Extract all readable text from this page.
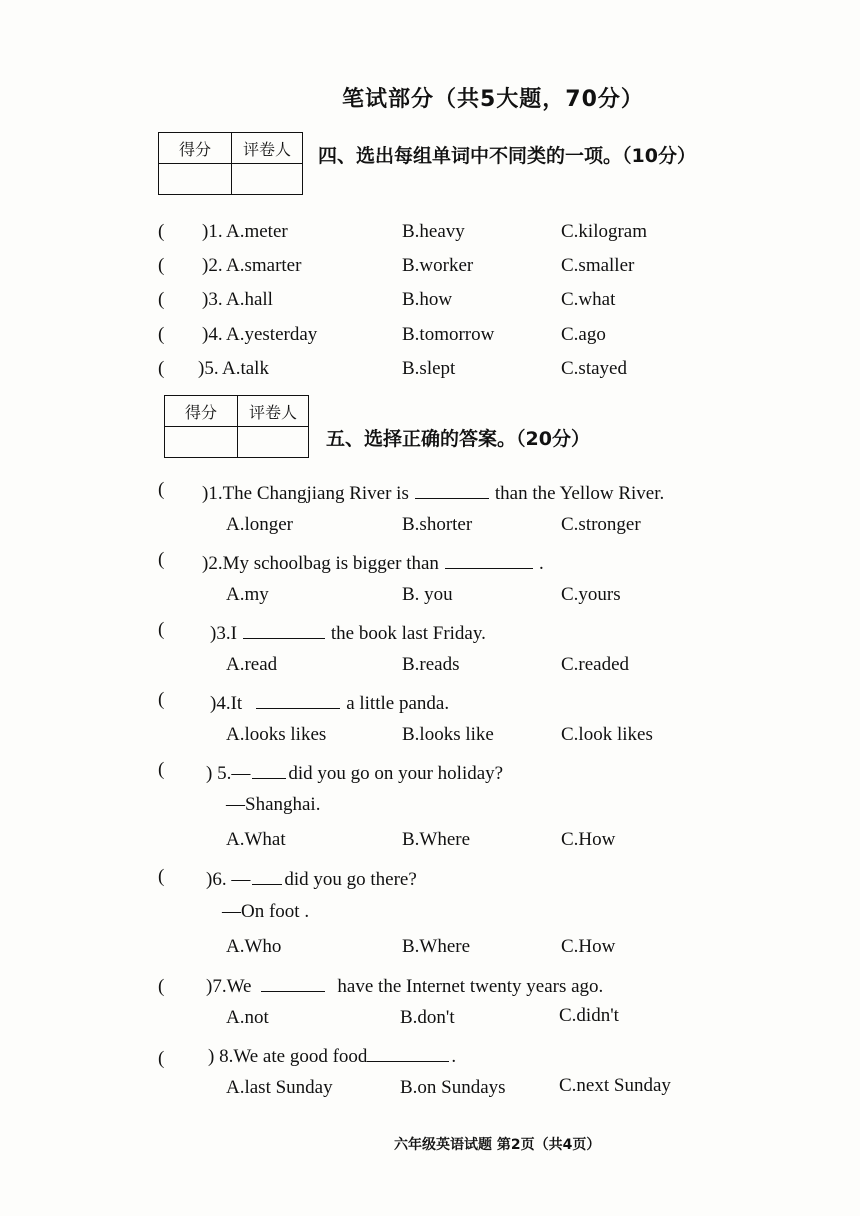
笔试部分（共5大题，70分）
得分	评卷人
	四、选出每组单词中不同类的一项。（10分）
( )1. A.meter	B.heavy	C.kilogram
( )2. A.smarter	B.worker	C.smaller
( )3. A.hall	B.how	C.what
( )4. A.yesterday	B.tomorrow	C.ago
( )5. A.talk	B.slept	C.stayed
得分	评卷人

五、选择正确的答案。（20分）
( )1.The Changjiang River is	than the Yellow River.
A.longer	B.shorter	C.stronger
( )2.My schoolbag is bigger than	.
A.my	B. you	C.yours
( )3.I	the book last Friday.
A.read	B.reads	C.readed
( )4.It	a little panda.
A.looks likes	B.looks like	C.look likes
( ) 5.— did you go on your holiday?
—Shanghai.
A.What	B.Where	C.How
( )6. — did you go there?
—On foot .
A.Who	B.Where	C.How
( )7.We	have the Internet twenty years ago.
A.not	B.don't	C.didn't
( ) 8.We ate good food	.
A.last Sunday	B.on Sundays	C.next Sunday
六年级英语试题 第2页（共4页）
